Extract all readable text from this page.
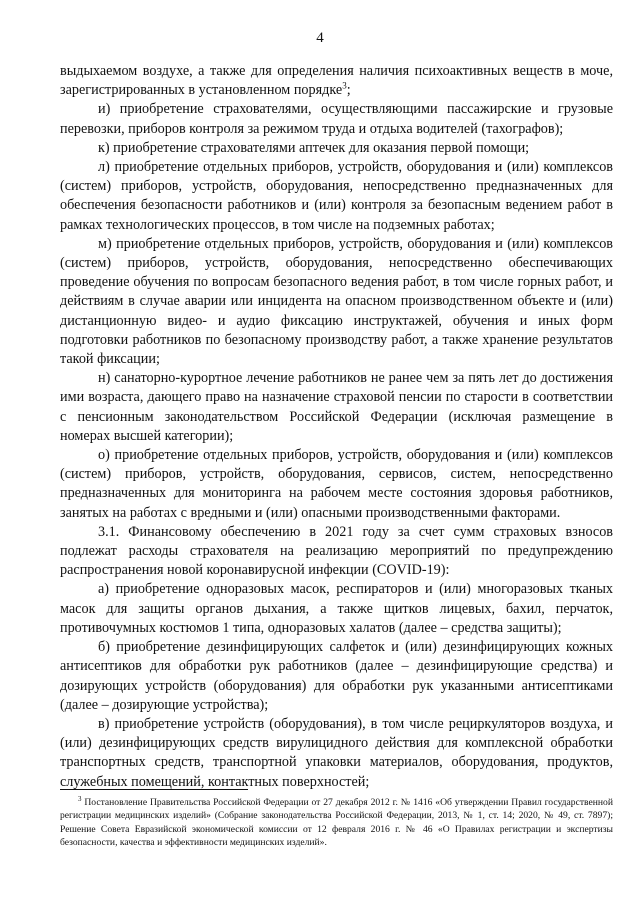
4

выдыхаемом воздухе, а также для определения наличия психоактивных веществ в моче, зарегистрированных в установленном порядке$^3$;

и) приобретение страхователями, осуществляющими пассажирские и грузовые перевозки, приборов контроля за режимом труда и отдыха водителей (тахографов);

к) приобретение страхователями аптечек для оказания первой помощи;

л) приобретение отдельных приборов, устройств, оборудования и (или) комплексов (систем) приборов, устройств, оборудования, непосредственно предназначенных для обеспечения безопасности работников и (или) контроля за безопасным ведением работ в рамках технологических процессов, в том числе на подземных работах;

м) приобретение отдельных приборов, устройств, оборудования и (или) комплексов (систем) приборов, устройств, оборудования, непосредственно обеспечивающих проведение обучения по вопросам безопасного ведения работ, в том числе горных работ, и действиям в случае аварии или инцидента на опасном производственном объекте и (или) дистанционную видео- и аудио фиксацию инструктажей, обучения и иных форм подготовки работников по безопасному производству работ, а также хранение результатов такой фиксации;

н) санаторно-курортное лечение работников не ранее чем за пять лет до достижения ими возраста, дающего право на назначение страховой пенсии по старости в соответствии с пенсионным законодательством Российской Федерации (исключая размещение в номерах высшей категории);

о) приобретение отдельных приборов, устройств, оборудования и (или) комплексов (систем) приборов, устройств, оборудования, сервисов, систем, непосредственно предназначенных для мониторинга на рабочем месте состояния здоровья работников, занятых на работах с вредными и (или) опасными производственными факторами.

3.1. Финансовому обеспечению в 2021 году за счет сумм страховых взносов подлежат расходы страхователя на реализацию мероприятий по предупреждению распространения новой коронавирусной инфекции (COVID-19):

а) приобретение одноразовых масок, респираторов и (или) многоразовых тканых масок для защиты органов дыхания, а также щитков лицевых, бахил, перчаток, противочумных костюмов 1 типа, одноразовых халатов (далее – средства защиты);

б) приобретение дезинфицирующих салфеток и (или) дезинфицирующих кожных антисептиков для обработки рук работников (далее – дезинфицирующие средства) и дозирующих устройств (оборудования) для обработки рук указанными антисептиками (далее – дозирующие устройства);

в) приобретение устройств (оборудования), в том числе рециркуляторов воздуха, и (или) дезинфицирующих средств вирулицидного действия для комплексной обработки транспортных средств, транспортной упаковки материалов, оборудования, продуктов, служебных помещений, контактных поверхностей;

$^3$ Постановление Правительства Российской Федерации от 27 декабря 2012 г. № 1416 «Об утверждении Правил государственной регистрации медицинских изделий» (Собрание законодательства Российской Федерации, 2013, № 1, ст. 14; 2020, № 49, ст. 7897); Решение Совета Евразийской экономической комиссии от 12 февраля 2016 г. № 46 «О Правилах регистрации и экспертизы безопасности, качества и эффективности медицинских изделий».
